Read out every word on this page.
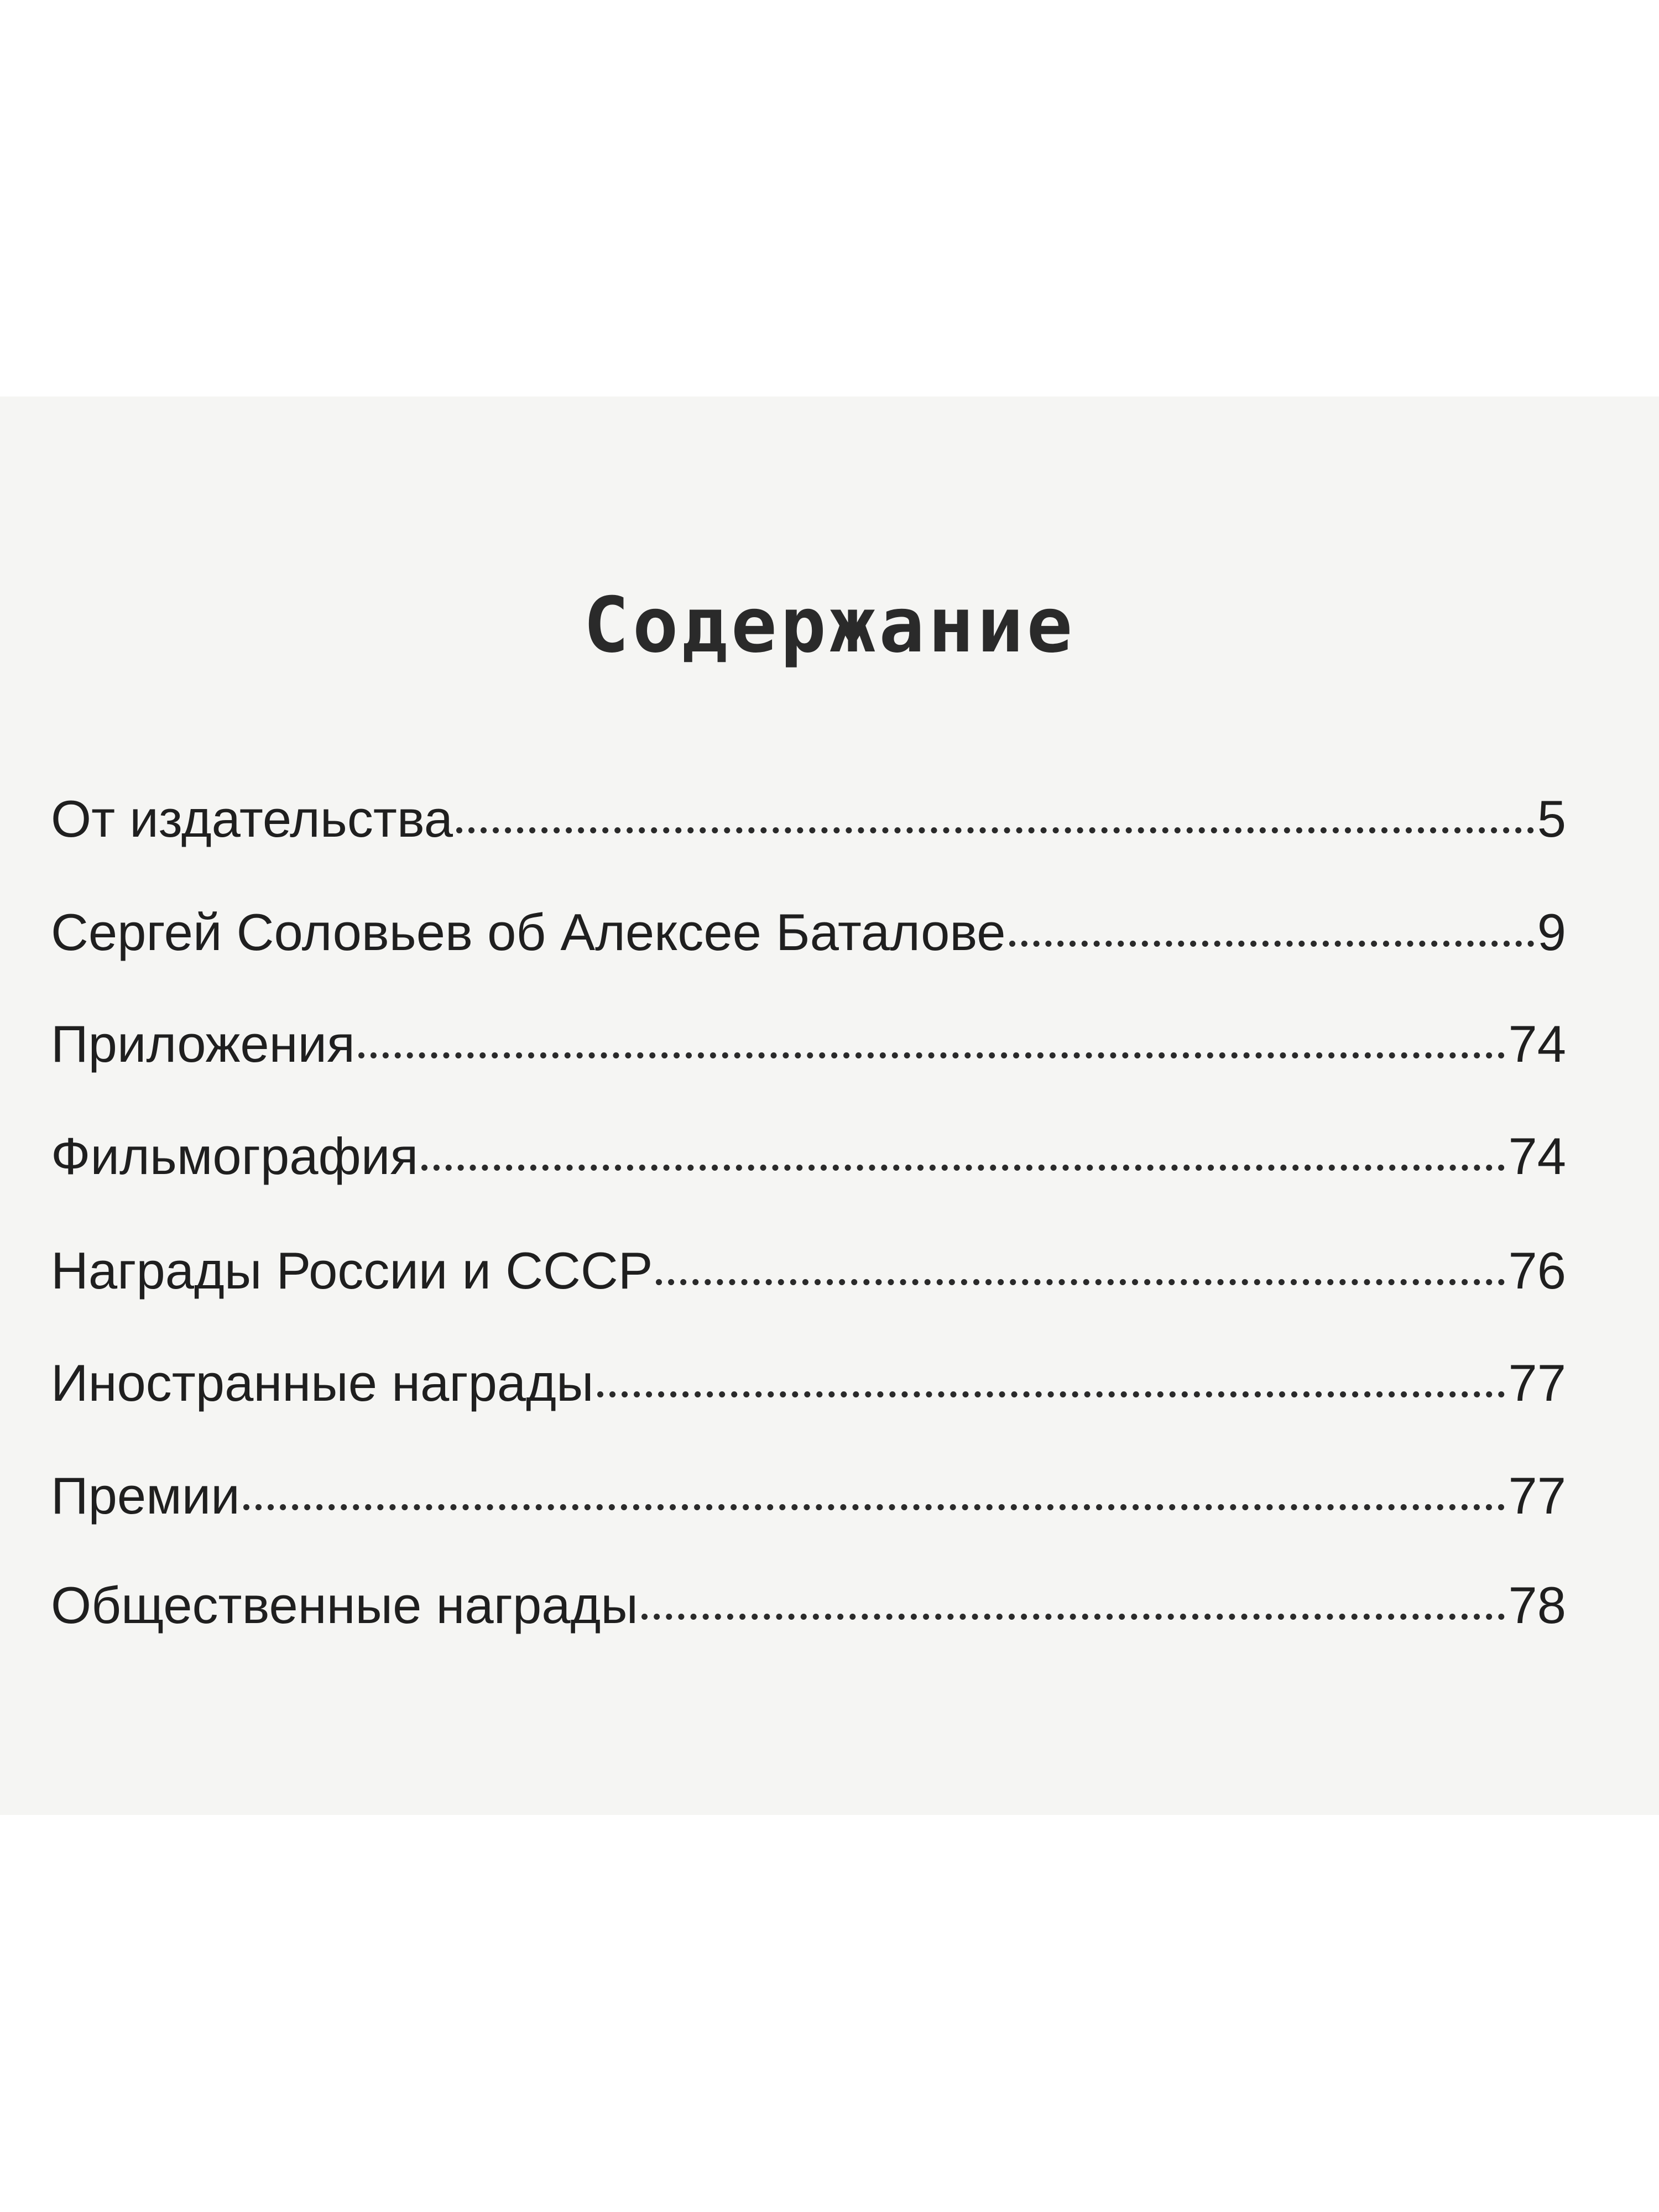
Содержание
От издательства	5
Сергей Соловьев об Алексее Баталове	9
Приложения	74
Фильмография	74
Награды России и СССР	76
Иностранные награды	77
Премии	77
Общественные награды	78
